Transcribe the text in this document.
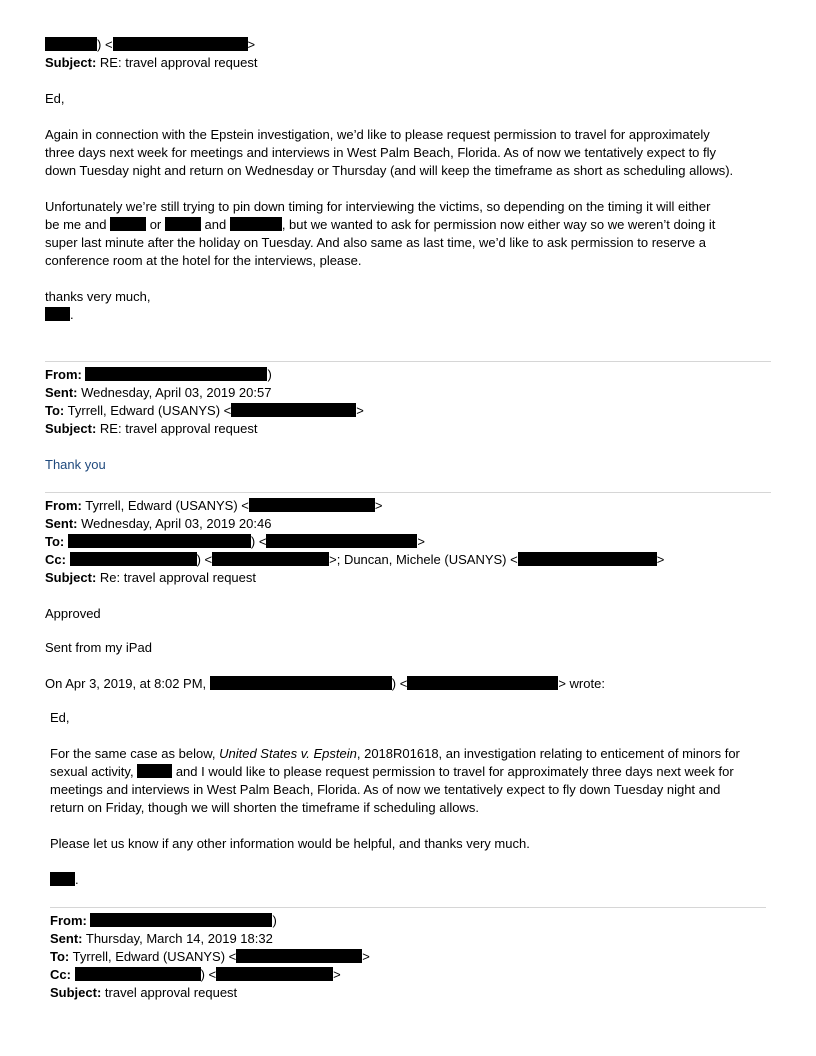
) <	>
Subject: RE: travel approval request
Ed,
Again in connection with the Epstein investigation, we’d like to please request permission to travel for approximately
three days next week for meetings and interviews in West Palm Beach, Florida. As of now we tentatively expect to fly
down Tuesday night and return on Wednesday or Thursday (and will keep the timeframe as short as scheduling allows).
Unfortunately we’re still trying to pin down timing for interviewing the victims, so depending on the timing it will either
be me and	or	and	, but we wanted to ask for permission now either way so we weren’t doing it
super last minute after the holiday on Tuesday. And also same as last time, we’d like to ask permission to reserve a
conference room at the hotel for the interviews, please.
thanks very much,
.
From:	)
Sent: Wednesday, April 03, 2019 20:57
To: Tyrrell, Edward (USANYS) <	>
Subject: RE: travel approval request
Thank you
From: Tyrrell, Edward (USANYS) <	>
Sent: Wednesday, April 03, 2019 20:46
To:	) <	>
Cc:	) <	>; Duncan, Michele (USANYS) <	>
Subject: Re: travel approval request
Approved
Sent from my iPad
On Apr 3, 2019, at 8:02 PM,	) <	> wrote:
Ed,
For the same case as below, United States v. Epstein, 2018R01618, an investigation relating to enticement of minors for
sexual activity,	and I would like to please request permission to travel for approximately three days next week for
meetings and interviews in West Palm Beach, Florida. As of now we tentatively expect to fly down Tuesday night and
return on Friday, though we will shorten the timeframe if scheduling allows.
Please let us know if any other information would be helpful, and thanks very much.
.
From:	)
Sent: Thursday, March 14, 2019 18:32
To: Tyrrell, Edward (USANYS) <	>
Cc:	) <	>
Subject: travel approval request
